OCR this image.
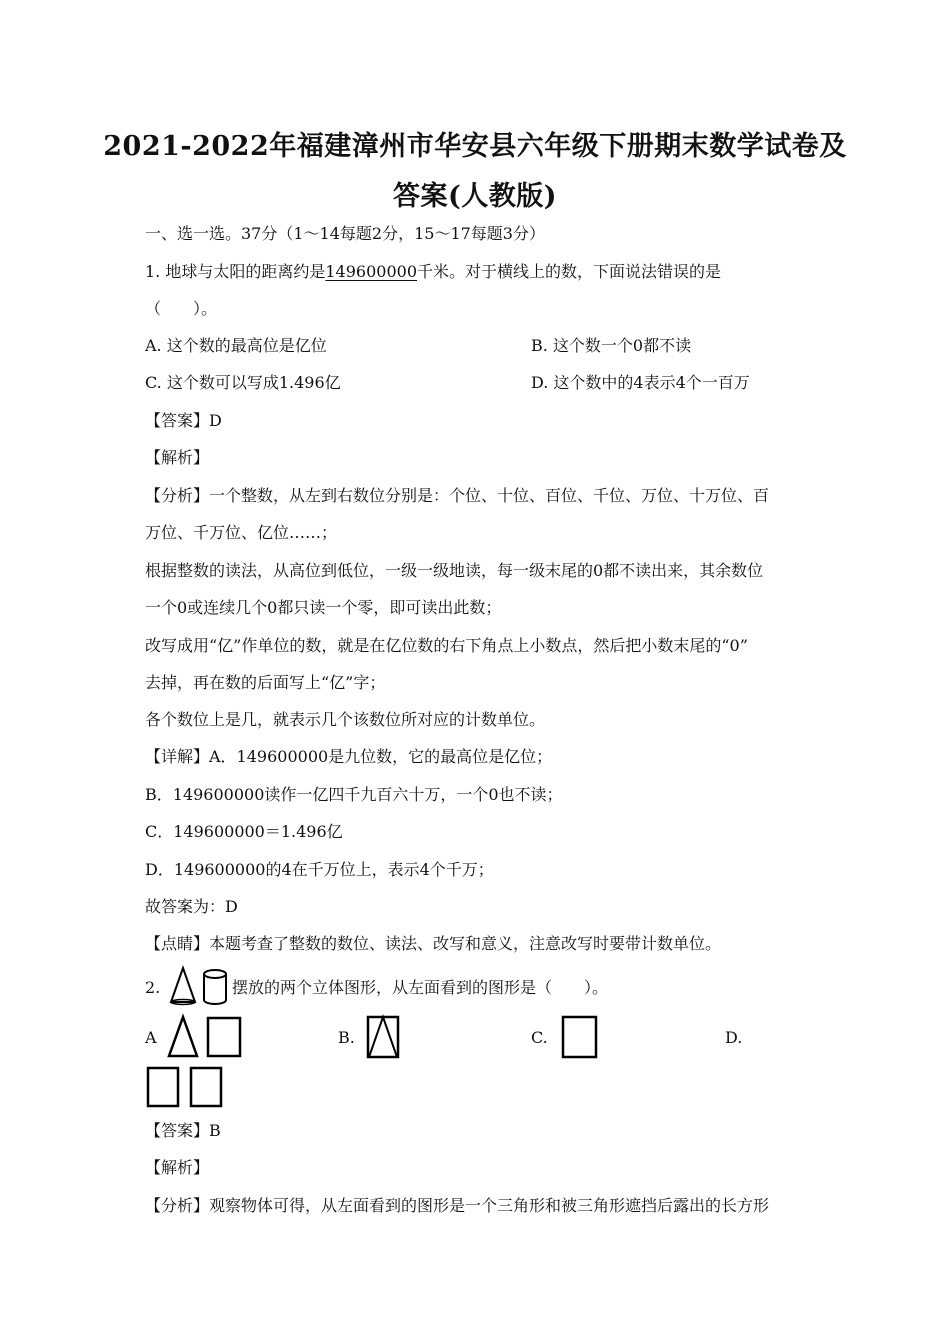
2021-2022年福建漳州市华安县六年级下册期末数学试卷及
答案(人教版)
一、选一选。37分（1～14每题2分，15～17每题3分）
1. 地球与太阳的距离约是149600000千米。对于横线上的数，下面说法错误的是
（　　）。
A. 这个数的最高位是亿位	B. 这个数一个0都不读
C. 这个数可以写成1.496亿	D. 这个数中的4表示4个一百万
【答案】D
【解析】
【分析】一个整数，从左到右数位分别是：个位、十位、百位、千位、万位、十万位、百
万位、千万位、亿位……；
根据整数的读法，从高位到低位，一级一级地读，每一级末尾的0都不读出来，其余数位
一个0或连续几个0都只读一个零，即可读出此数；
改写成用“亿”作单位的数，就是在亿位数的右下角点上小数点，然后把小数末尾的“0”
去掉，再在数的后面写上“亿”字；
各个数位上是几，就表示几个该数位所对应的计数单位。
【详解】A．149600000是九位数，它的最高位是亿位；
B．149600000读作一亿四千九百六十万，一个0也不读；
C．149600000＝1.496亿
D．149600000的4在千万位上，表示4个千万；
故答案为：D
【点睛】本题考查了整数的数位、读法、改写和意义，注意改写时要带计数单位。
2.	摆放的两个立体图形，从左面看到的图形是（　　）。
A	B.	C.	D.
【答案】B
【解析】
【分析】观察物体可得，从左面看到的图形是一个三角形和被三角形遮挡后露出的长方形
